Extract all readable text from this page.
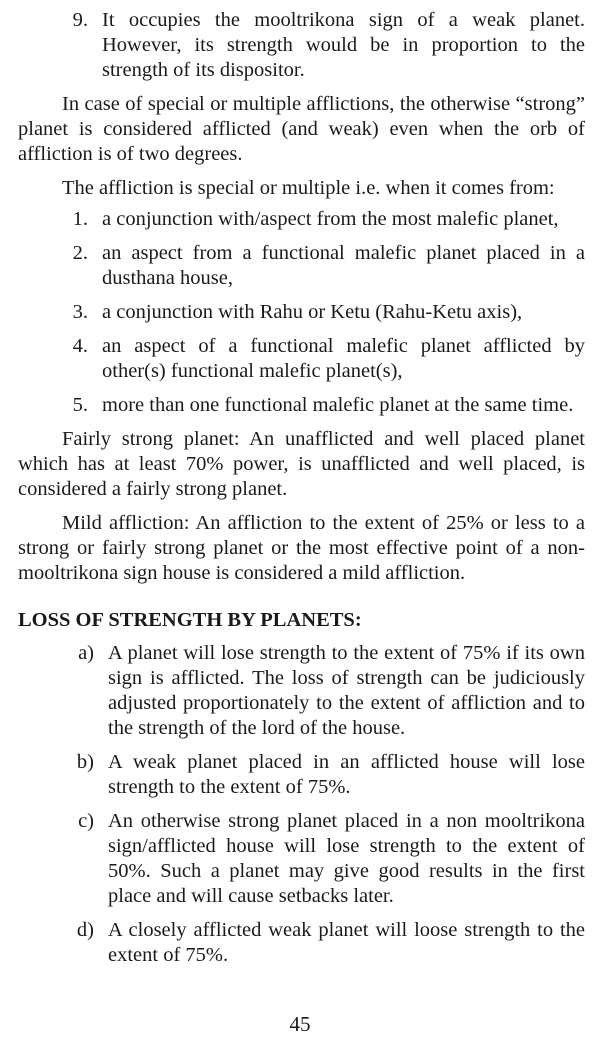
9. It occupies the mooltrikona sign of a weak planet. However, its strength would be in proportion to the strength of its dispositor.

In case of special or multiple afflictions, the otherwise “strong” planet is considered afflicted (and weak) even when the orb of affliction is of two degrees.

The affliction is special or multiple i.e. when it comes from:

1. a conjunction with/aspect from the most malefic planet,
2. an aspect from a functional malefic planet placed in a dusthana house,
3. a conjunction with Rahu or Ketu (Rahu-Ketu axis),
4. an aspect of a functional malefic planet afflicted by other(s) functional malefic planet(s),
5. more than one functional malefic planet at the same time.

Fairly strong planet: An unafflicted and well placed planet which has at least 70% power, is unafflicted and well placed, is considered a fairly strong planet.

Mild affliction: An affliction to the extent of 25% or less to a strong or fairly strong planet or the most effective point of a non-mooltrikona sign house is considered a mild affliction.

LOSS OF STRENGTH BY PLANETS:
a) A planet will lose strength to the extent of 75% if its own sign is afflicted. The loss of strength can be judiciously adjusted proportionately to the extent of affliction and to the strength of the lord of the house.
b) A weak planet placed in an afflicted house will lose strength to the extent of 75%.
c) An otherwise strong planet placed in a non mooltrikona sign/afflicted house will lose strength to the extent of 50%. Such a planet may give good results in the first place and will cause setbacks later.
d) A closely afflicted weak planet will loose strength to the extent of 75%.
45
